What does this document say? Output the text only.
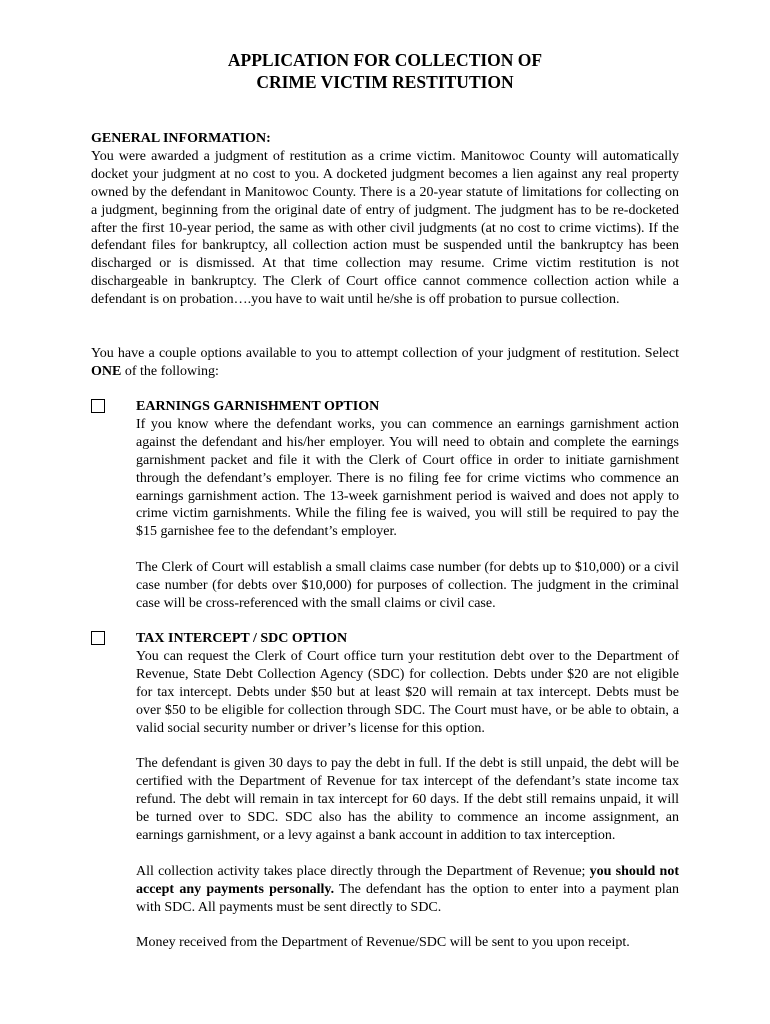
APPLICATION FOR COLLECTION OF
CRIME VICTIM RESTITUTION
GENERAL INFORMATION:

You were awarded a judgment of restitution as a crime victim. Manitowoc County will automatically docket your judgment at no cost to you. A docketed judgment becomes a lien against any real property owned by the defendant in Manitowoc County. There is a 20-year statute of limitations for collecting on a judgment, beginning from the original date of entry of judgment. The judgment has to be re-docketed after the first 10-year period, the same as with other civil judgments (at no cost to crime victims). If the defendant files for bankruptcy, all collection action must be suspended until the bankruptcy has been discharged or is dismissed. At that time collection may resume. Crime victim restitution is not dischargeable in bankruptcy. The Clerk of Court office cannot commence collection action while a defendant is on probation….you have to wait until he/she is off probation to pursue collection.

You have a couple options available to you to attempt collection of your judgment of restitution. Select ONE of the following:

EARNINGS GARNISHMENT OPTION

If you know where the defendant works, you can commence an earnings garnishment action against the defendant and his/her employer. You will need to obtain and complete the earnings garnishment packet and file it with the Clerk of Court office in order to initiate garnishment through the defendant’s employer. There is no filing fee for crime victims who commence an earnings garnishment action. The 13-week garnishment period is waived and does not apply to crime victim garnishments. While the filing fee is waived, you will still be required to pay the $15 garnishee fee to the defendant’s employer.

The Clerk of Court will establish a small claims case number (for debts up to $10,000) or a civil case number (for debts over $10,000) for purposes of collection. The judgment in the criminal case will be cross-referenced with the small claims or civil case.

TAX INTERCEPT / SDC OPTION

You can request the Clerk of Court office turn your restitution debt over to the Department of Revenue, State Debt Collection Agency (SDC) for collection. Debts under $20 are not eligible for tax intercept. Debts under $50 but at least $20 will remain at tax intercept. Debts must be over $50 to be eligible for collection through SDC. The Court must have, or be able to obtain, a valid social security number or driver’s license for this option.

The defendant is given 30 days to pay the debt in full. If the debt is still unpaid, the debt will be certified with the Department of Revenue for tax intercept of the defendant’s state income tax refund. The debt will remain in tax intercept for 60 days. If the debt still remains unpaid, it will be turned over to SDC. SDC also has the ability to commence an income assignment, an earnings garnishment, or a levy against a bank account in addition to tax interception.

All collection activity takes place directly through the Department of Revenue; you should not accept any payments personally. The defendant has the option to enter into a payment plan with SDC. All payments must be sent directly to SDC.

Money received from the Department of Revenue/SDC will be sent to you upon receipt.
